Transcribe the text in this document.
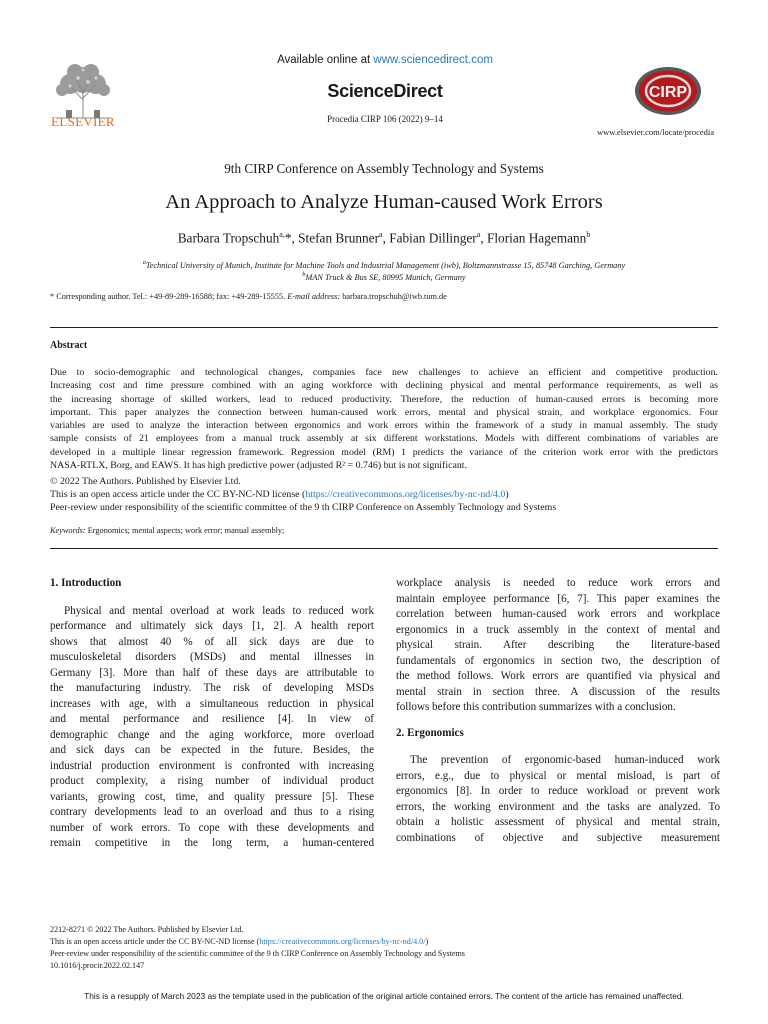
ELSEVIER
Available online at www.sciencedirect.com
ScienceDirect
Procedia CIRP 106 (2022) 9–14
CIRP
www.elsevier.com/locate/procedia
9th CIRP Conference on Assembly Technology and Systems
An Approach to Analyze Human-caused Work Errors
Barbara Tropschuh$^{a,}$*, Stefan Brunner$^a$, Fabian Dillinger$^a$, Florian Hagemann$^b$
$^a$Technical University of Munich, Institute for Machine Tools and Industrial Management (iwb), Boltzmannstrasse 15, 85748 Garching, Germany
$^b$MAN Truck & Bus SE, 80995 Munich, Germany
* Corresponding author. Tel.: +49-89-289-16588; fax: +49-289-15555. E-mail address: barbara.tropschuh@iwb.tum.de
Abstract
Due to socio-demographic and technological changes, companies face new challenges to achieve an efficient and competitive production.
Increasing cost and time pressure combined with an aging workforce with declining physical and mental performance requirements, as well as
the increasing shortage of skilled workers, lead to reduced productivity. Therefore, the reduction of human-caused errors is becoming more
important. This paper analyzes the connection between human-caused work errors, mental and physical strain, and workplace ergonomics. Four
variables are used to analyze the interaction between ergonomics and work errors within the framework of a study in manual assembly. The study
sample consists of 21 employees from a manual truck assembly at six different workstations. Models with different combinations of variables are
developed in a multiple linear regression framework. Regression model (RM) 1 predicts the variance of the criterion work error with the predictors
NASA-RTLX, Borg, and EAWS. It has high predictive power (adjusted R² = 0.746) but is not significant.
© 2022 The Authors. Published by Elsevier Ltd.
This is an open access article under the CC BY-NC-ND license (https://creativecommons.org/licenses/by-nc-nd/4.0)
Peer-review under responsibility of the scientific committee of the 9 th CIRP Conference on Assembly Technology and Systems
Keywords: Ergonomics; mental aspects; work error; manual assembly;
1. Introduction
Physical and mental overload at work leads to reduced work
performance and ultimately sick days [1, 2]. A health report
shows that almost 40 % of all sick days are due to
musculoskeletal disorders (MSDs) and mental illnesses in
Germany [3]. More than half of these days are attributable to
the manufacturing industry. The risk of developing MSDs
increases with age, with a simultaneous reduction in physical
and mental performance and resilience [4]. In view of
demographic change and the aging workforce, more overload
and sick days can be expected in the future. Besides, the
industrial production environment is confronted with increasing
product complexity, a rising number of individual product
variants, growing cost, time, and quality pressure [5]. These
contrary developments lead to an overload and thus to a rising
number of work errors. To cope with these developments and
remain competitive in the long term, a human-centered
workplace analysis is needed to reduce work errors and
maintain employee performance [6, 7]. This paper examines the
correlation between human-caused work errors and workplace
ergonomics in a truck assembly in the context of mental and
physical strain. After describing the literature-based
fundamentals of ergonomics in section two, the description of
the method follows. Work errors are quantified via physical and
mental strain in section three. A discussion of the results
follows before this contribution summarizes with a conclusion.
2. Ergonomics
The prevention of ergonomic-based human-induced work
errors, e.g., due to physical or mental misload, is part of
ergonomics [8]. In order to reduce workload or prevent work
errors, the working environment and the tasks are analyzed. To
obtain a holistic assessment of physical and mental strain,
combinations of objective and subjective measurement
2212-8271 © 2022 The Authors. Published by Elsevier Ltd.
This is an open access article under the CC BY-NC-ND license (https://creativecommons.org/licenses/by-nc-nd/4.0/)
Peer-review under responsibility of the scientific committee of the 9 th CIRP Conference on Assembly Technology and Systems
10.1016/j.procir.2022.02.147
This is a resupply of March 2023 as the template used in the publication of the original article contained errors. The content of the article has remained unaffected.
